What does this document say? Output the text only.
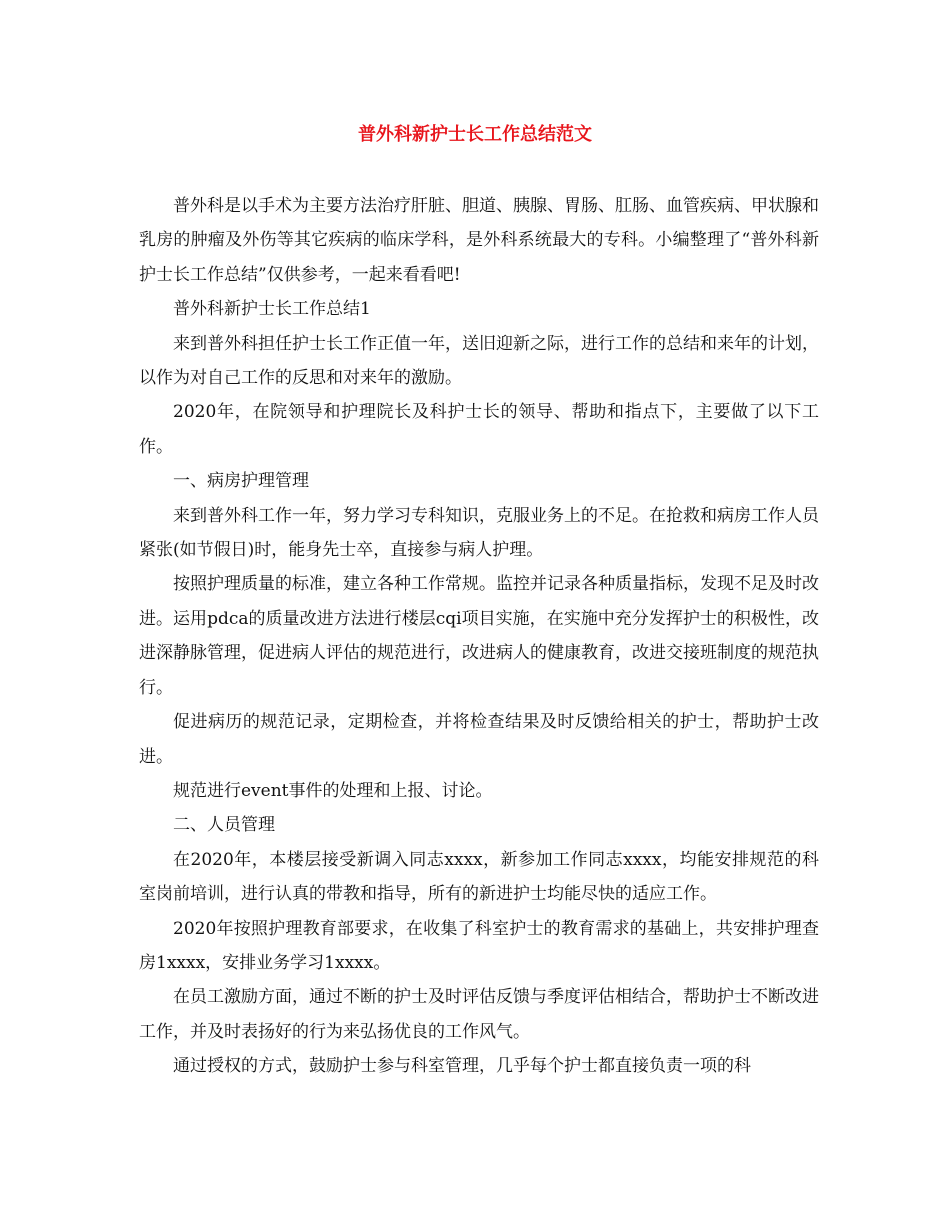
普外科新护士长工作总结范文

普外科是以手术为主要方法治疗肝脏、胆道、胰腺、胃肠、肛肠、血管疾病、甲状腺和乳房的肿瘤及外伤等其它疾病的临床学科，是外科系统最大的专科。小编整理了“普外科新护士长工作总结”仅供参考，一起来看看吧!

普外科新护士长工作总结1

来到普外科担任护士长工作正值一年，送旧迎新之际，进行工作的总结和来年的计划，以作为对自己工作的反思和对来年的激励。

2020年，在院领导和护理院长及科护士长的领导、帮助和指点下，主要做了以下工作。

一、病房护理管理

来到普外科工作一年，努力学习专科知识，克服业务上的不足。在抢救和病房工作人员紧张(如节假日)时，能身先士卒，直接参与病人护理。

按照护理质量的标准，建立各种工作常规。监控并记录各种质量指标，发现不足及时改进。运用pdca的质量改进方法进行楼层cqi项目实施，在实施中充分发挥护士的积极性，改进深静脉管理，促进病人评估的规范进行，改进病人的健康教育，改进交接班制度的规范执行。

促进病历的规范记录，定期检查，并将检查结果及时反馈给相关的护士，帮助护士改进。

规范进行event事件的处理和上报、讨论。

二、人员管理

在2020年，本楼层接受新调入同志xxxx，新参加工作同志xxxx，均能安排规范的科室岗前培训，进行认真的带教和指导，所有的新进护士均能尽快的适应工作。

2020年按照护理教育部要求，在收集了科室护士的教育需求的基础上，共安排护理查房1xxxx，安排业务学习1xxxx。

在员工激励方面，通过不断的护士及时评估反馈与季度评估相结合，帮助护士不断改进工作，并及时表扬好的行为来弘扬优良的工作风气。

通过授权的方式，鼓励护士参与科室管理，几乎每个护士都直接负责一项的科
